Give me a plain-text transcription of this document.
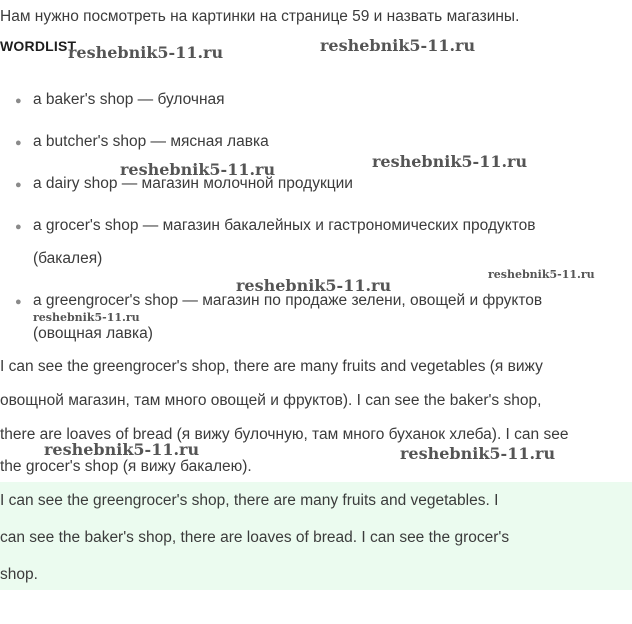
Нам нужно посмотреть на картинки на странице 59 и назвать магазины.
WORDLIST
reshebnik5-11.ru	reshebnik5-11.ru
reshebnik5-11.ru	reshebnik5-11.ru
reshebnik5-11.ru
reshebnik5-11.ru
reshebnik5-11.ru
reshebnik5-11.ru	reshebnik5-11.ru
● a baker's shop — булочная
● a butcher's shop — мясная лавка
● a dairy shop — магазин молочной продукции
● a grocer's shop — магазин бакалейных и гастрономических продуктов
(бакалея)
● a greengrocer's shop — магазин по продаже зелени, овощей и фруктов
(овощная лавка)
I can see the greengrocer's shop, there are many fruits and vegetables (я вижу
овощной магазин, там много овощей и фруктов). I can see the baker's shop,
there are loaves of bread (я вижу булочную, там много буханок хлеба). I can see
the grocer's shop (я вижу бакалею).
I can see the greengrocer's shop, there are many fruits and vegetables. I
can see the baker's shop, there are loaves of bread. I can see the grocer's
shop.
